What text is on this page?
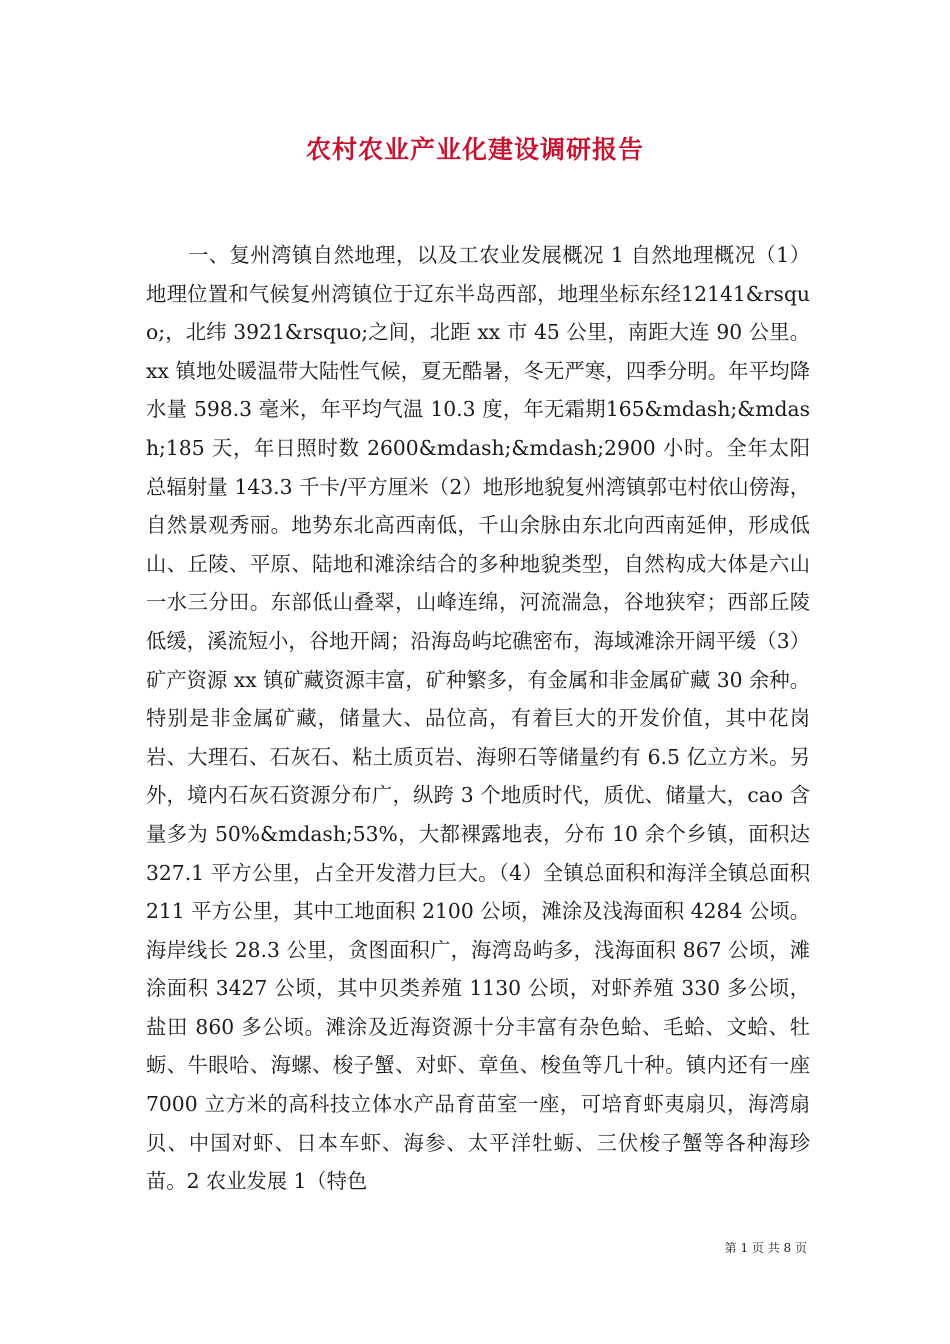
农村农业产业化建设调研报告

一、复州湾镇自然地理，以及工农业发展概况 1 自然地理概况（1）地理位置和气候复州湾镇位于辽东半岛西部，地理坐标东经12141&rsquo;，北纬 3921&rsquo;之间，北距 xx 市 45 公里，南距大连 90 公里。xx 镇地处暖温带大陆性气候，夏无酷暑，冬无严寒，四季分明。年平均降水量 598.3 毫米，年平均气温 10.3 度，年无霜期165&mdash;&mdash;185 天，年日照时数 2600&mdash;&mdash;2900 小时。全年太阳总辐射量 143.3 千卡/平方厘米（2）地形地貌复州湾镇郭屯村依山傍海，自然景观秀丽。地势东北高西南低，千山余脉由东北向西南延伸，形成低山、丘陵、平原、陆地和滩涂结合的多种地貌类型，自然构成大体是六山一水三分田。东部低山叠翠，山峰连绵，河流湍急，谷地狭窄；西部丘陵低缓，溪流短小，谷地开阔；沿海岛屿坨礁密布，海域滩涂开阔平缓（3）矿产资源 xx 镇矿藏资源丰富，矿种繁多，有金属和非金属矿藏 30 余种。特别是非金属矿藏，储量大、品位高，有着巨大的开发价值，其中花岗岩、大理石、石灰石、粘土质页岩、海卵石等储量约有 6.5 亿立方米。另外，境内石灰石资源分布广，纵跨 3 个地质时代，质优、储量大，cao 含量多为 50%&mdash;53%，大都裸露地表，分布 10 余个乡镇，面积达 327.1 平方公里，占全开发潜力巨大。（4）全镇总面积和海洋全镇总面积 211 平方公里，其中工地面积 2100 公顷，滩涂及浅海面积 4284 公顷。海岸线长 28.3 公里，贪图面积广，海湾岛屿多，浅海面积 867 公顷，滩涂面积 3427 公顷，其中贝类养殖 1130 公顷，对虾养殖 330 多公顷，盐田 860 多公顷。滩涂及近海资源十分丰富有杂色蛤、毛蛤、文蛤、牡蛎、牛眼哈、海螺、梭子蟹、对虾、章鱼、梭鱼等几十种。镇内还有一座 7000 立方米的高科技立体水产品育苗室一座，可培育虾夷扇贝，海湾扇贝、中国对虾、日本车虾、海参、太平洋牡蛎、三伏梭子蟹等各种海珍苗。2 农业发展 1（特色

第 1 页 共 8 页
